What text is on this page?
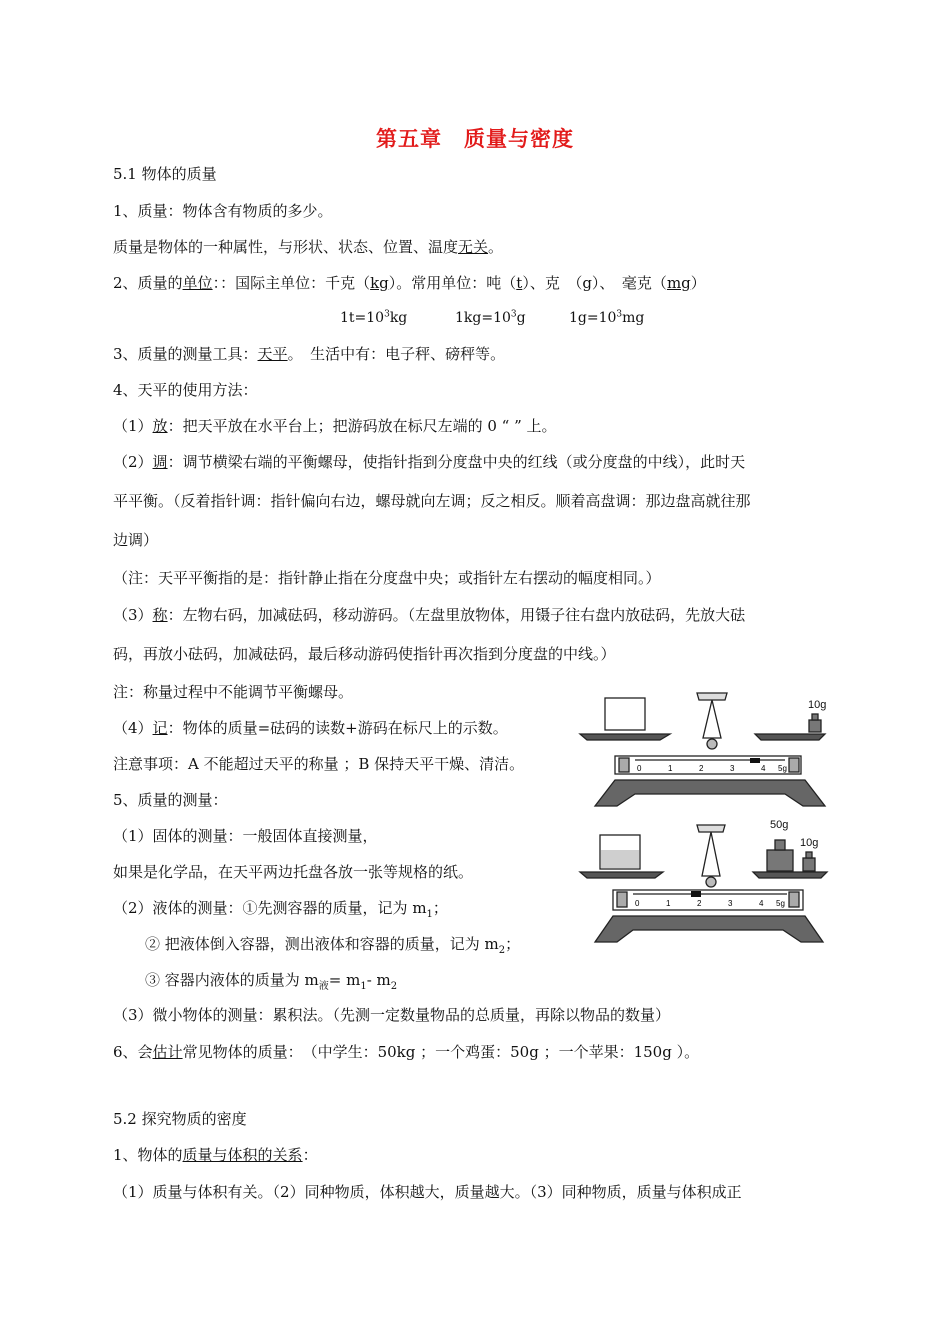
第五章　质量与密度
5.1 物体的质量
1、质量：物体含有物质的多少。
质量是物体的一种属性，与形状、状态、位置、温度无关。
2、质量的单位：：国际主单位：千克（kg）。常用单位：吨（t）、克　（g）、　毫克（mg）
$1t=10^3kg$	$1kg=10^3g$	$1g=10^3mg$
3、质量的测量工具：天平。　生活中有：电子秤、磅秤等。
4、天平的使用方法：
（1）放：把天平放在水平台上；把游码放在标尺左端的 0 “ ” 上。
（2）调：调节横梁右端的平衡螺母，使指针指到分度盘中央的红线（或分度盘的中线），此时天
平平衡。（反着指针调：指针偏向右边，螺母就向左调；反之相反。顺着高盘调：那边盘高就往那
边调）
（注：天平平衡指的是：指针静止指在分度盘中央；或指针左右摆动的幅度相同。）
（3）称：左物右码，加减砝码，移动游码。（左盘里放物体，用镊子往右盘内放砝码，先放大砝
码，再放小砝码，加减砝码，最后移动游码使指针再次指到分度盘的中线。）
注：称量过程中不能调节平衡螺母。
（4）记：物体的质量=砝码的读数+游码在标尺上的示数。
注意事项：A 不能超过天平的称量 ；B 保持天平干燥、清洁。
5、质量的测量：
（1）固体的测量：一般固体直接测量，
如果是化学品，在天平两边托盘各放一张等规格的纸。
（2）液体的测量：①先测容器的质量，记为 $m_1$；
② 把液体倒入容器，测出液体和容器的质量，记为 $m_2$；
③ 容器内液体的质量为 $m_液= m_1-$ $m_2$
（3）微小物体的测量：累积法。（先测一定数量物品的总质量，再除以物品的数量）
6、会估计常见物体的质量：　（中学生：50kg ；一个鸡蛋：50g ；一个苹果：150g ）。
5.2 探究物质的密度
1、物体的质量与体积的关系：
（1）质量与体积有关。（2）同种物质，体积越大，质量越大。（3）同种物质，质量与体积成正
10g
0	1	2	3	4 5g
50g
10g
0	1	2	3	4 5g
